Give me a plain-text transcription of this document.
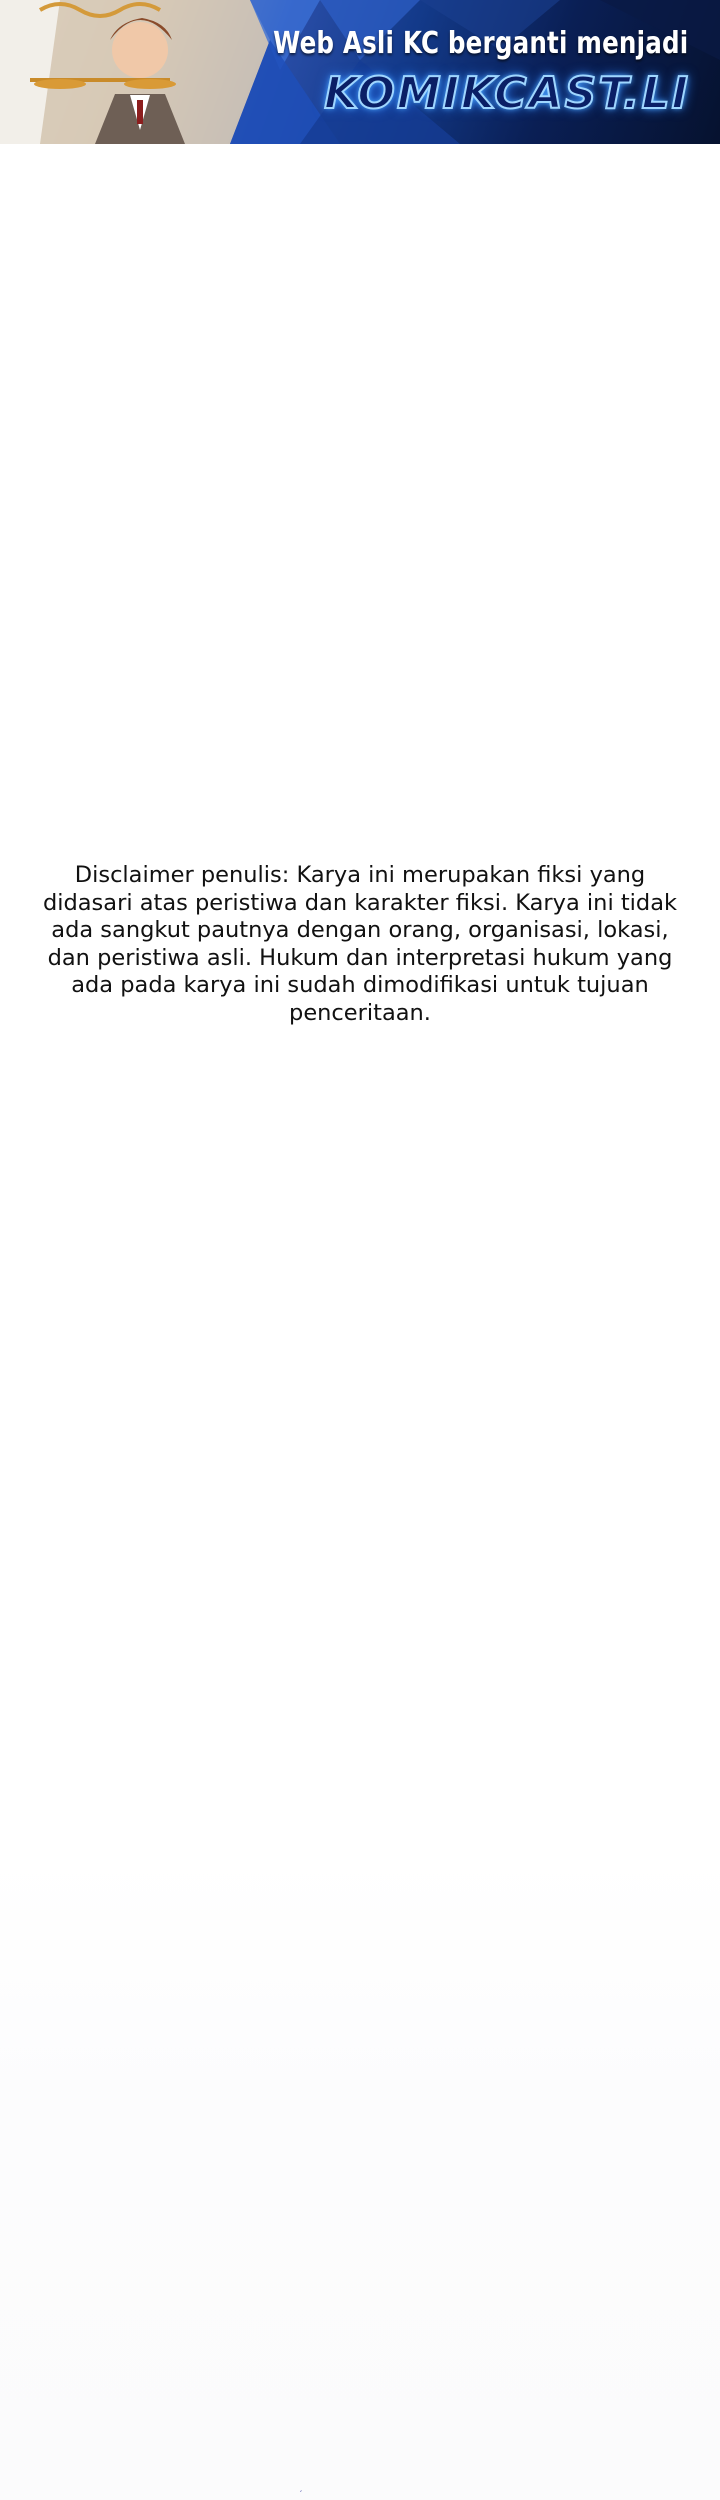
Web Asli KC berganti menjadi
KOMIKCAST.LI
Disclaimer penulis: Karya ini merupakan fiksi yang didasari atas peristiwa dan karakter fiksi. Karya ini tidak ada sangkut pautnya dengan orang, organisasi, lokasi, dan peristiwa asli. Hukum dan interpretasi hukum yang ada pada karya ini sudah dimodifikasi untuk tujuan penceritaan.
′
